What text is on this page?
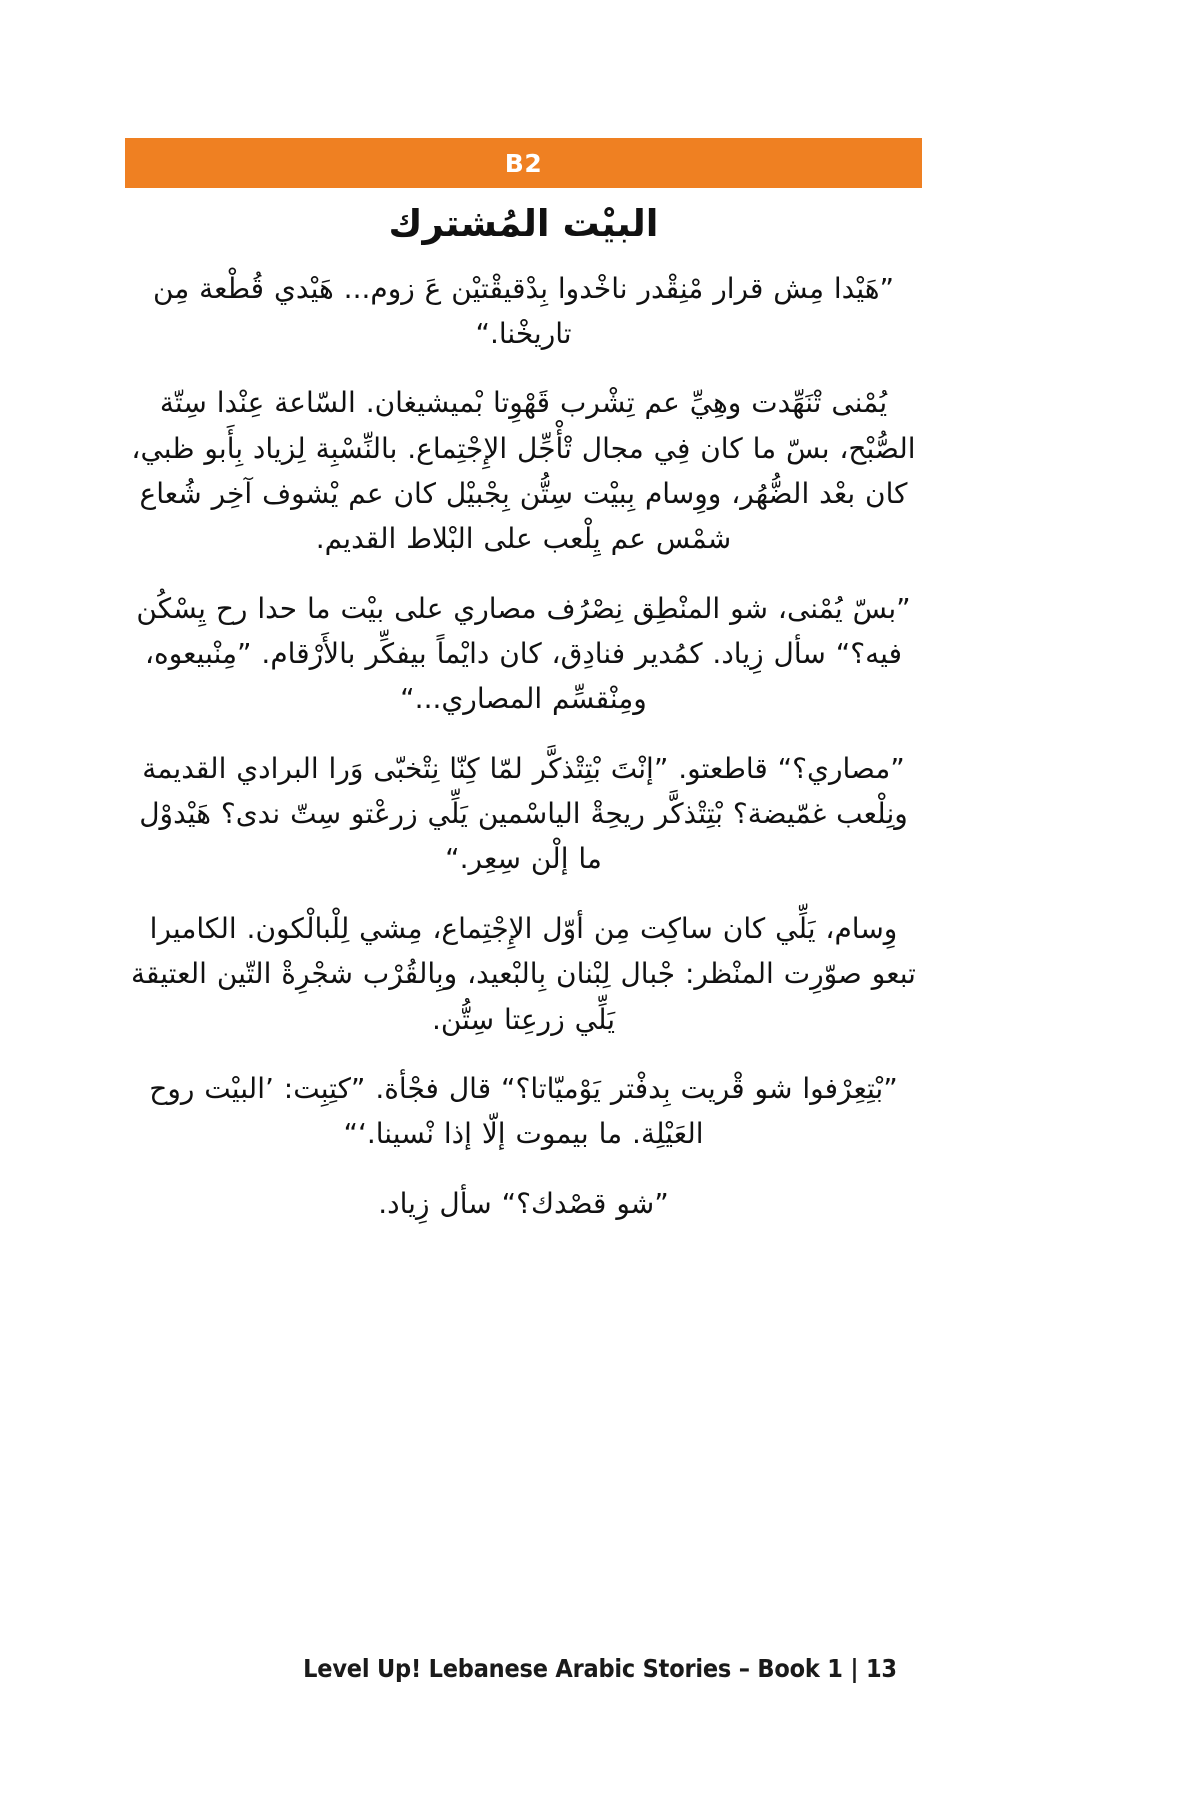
B2
البيت المشترك

”هيدا مش قرار منقدر ناخدوا بدقيقتين ع زوم... هيدي قطعة من تاريخنا.“

يمنى تنهدت وهي عم تشرب قهوتا بميشيغان. الساعة عندا ستة الصبح، بس ما كان في مجال تأجل الإجتماع. بالنسبة لزياد بأبو ظبي، كان بعد الضهر، ووسام ببيت ستن بجبيل كان عم يشوف آخر شعاع شمس عم يلعب على البلاط القديم.

”بس يمنى، شو المنطق نصرف مصاري على بيت ما حدا رح يسكن فيه؟“ سأل زياد. كمدير فنادق، كان دايما بيفكر بالأرقام. ”منبيعوه، ومنقسم المصاري...“

”مصاري؟“ قاطعتو. ”إنت بتتذكر لما كنا نتخبى ورا البرادي القديمة ونلعب غميضة؟ بتتذكر ريحة الياسمين يلي زرعتو ست ندى؟ هيدول ما إلن سعر.“

وسام، يلي كان ساكت من أول الإجتماع، مشي للبالكون. الكاميرا تبعو صورت المنظر: جبال لبنان بالبعيد، وبالقرب شجرة التين العتيقة يلي زرعتا ستن.

”بتعرفوا شو قريت بدفتر يومياتا؟“ قال فجأة. ”كتبت: ’البيت روح العيلة. ما بيموت إلا إذا نسينا.‘“

”شو قصدك؟“ سأل زياد.

Level Up! Lebanese Arabic Stories – Book 1 | 13
